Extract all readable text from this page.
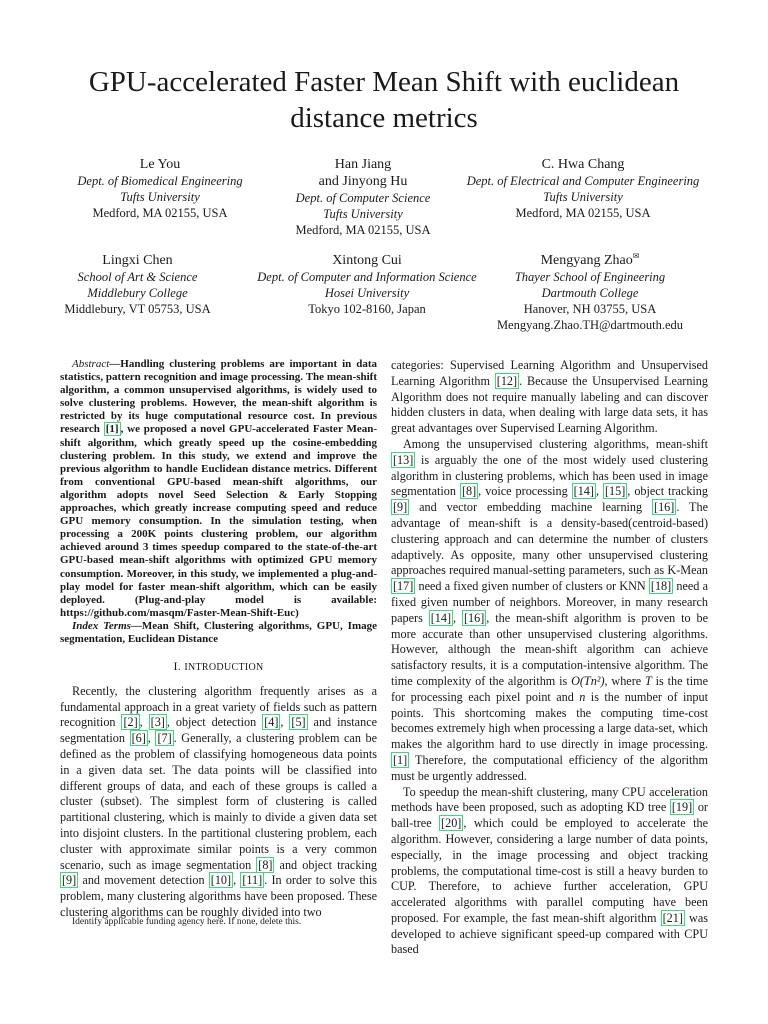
GPU-accelerated Faster Mean Shift with euclidean distance metrics
Le You
Dept. of Biomedical Engineering
Tufts University
Medford, MA 02155, USA
Han Jiang
and Jinyong Hu
Dept. of Computer Science
Tufts University
Medford, MA 02155, USA
C. Hwa Chang
Dept. of Electrical and Computer Engineering
Tufts University
Medford, MA 02155, USA
Lingxi Chen
School of Art & Science
Middlebury College
Middlebury, VT 05753, USA
Xintong Cui
Dept. of Computer and Information Science
Hosei University
Tokyo 102-8160, Japan
Mengyang Zhao✉
Thayer School of Engineering
Dartmouth College
Hanover, NH 03755, USA
Mengyang.Zhao.TH@dartmouth.edu

Abstract—Handling clustering problems are important in data statistics, pattern recognition and image processing. The mean-shift algorithm, a common unsupervised algorithms, is widely used to solve clustering problems. However, the mean-shift algorithm is restricted by its huge computational resource cost. In previous research [1] , we proposed a novel GPU-accelerated Faster Mean-shift algorithm, which greatly speed up the cosine-embedding clustering problem. In this study, we extend and improve the previous algorithm to handle Euclidean distance metrics. Different from conventional GPU-based mean-shift algorithms, our algorithm adopts novel Seed Selection & Early Stopping approaches, which greatly increase computing speed and reduce GPU memory consumption. In the simulation testing, when processing a 200K points clustering problem, our algorithm achieved around 3 times speedup compared to the state-of-the-art GPU-based mean-shift algorithms with optimized GPU memory consumption. Moreover, in this study, we implemented a plug-and-play model for faster mean-shift algorithm, which can be easily deployed. (Plug-and-play model is available: https://github.com/masqm/Faster-Mean-Shift-Euc)

Index Terms—Mean Shift, Clustering algorithms, GPU, Image segmentation, Euclidean Distance

I. INTRODUCTION

Recently, the clustering algorithm frequently arises as a fundamental approach in a great variety of fields such as pattern recognition [2] , [3] , object detection [4] , [5] and instance segmentation [6] , [7] . Generally, a clustering problem can be defined as the problem of classifying homogeneous data points in a given data set. The data points will be classified into different groups of data, and each of these groups is called a cluster (subset). The simplest form of clustering is called partitional clustering, which is mainly to divide a given data set into disjoint clusters. In the partitional clustering problem, each cluster with approximate similar points is a very common scenario, such as image segmentation [8] and object tracking [9] and movement detection [10] , [11] . In order to solve this problem, many clustering algorithms have been proposed. These clustering algorithms can be roughly divided into two

Identify applicable funding agency here. If none, delete this.

categories: Supervised Learning Algorithm and Unsupervised Learning Algorithm [12] . Because the Unsupervised Learning Algorithm does not require manually labeling and can discover hidden clusters in data, when dealing with large data sets, it has great advantages over Supervised Learning Algorithm.

Among the unsupervised clustering algorithms, mean-shift [13] is arguably the one of the most widely used clustering algorithm in clustering problems, which has been used in image segmentation [8] , voice processing [14] , [15] , object tracking [9] and vector embedding machine learning [16] . The advantage of mean-shift is a density-based(centroid-based) clustering approach and can determine the number of clusters adaptively. As opposite, many other unsupervised clustering approaches required manual-setting parameters, such as K-Mean [17] need a fixed given number of clusters or KNN [18] need a fixed given number of neighbors. Moreover, in many research papers [14] , [16] , the mean-shift algorithm is proven to be more accurate than other unsupervised clustering algorithms. However, although the mean-shift algorithm can achieve satisfactory results, it is a computation-intensive algorithm. The time complexity of the algorithm is O(Tn²), where T is the time for processing each pixel point and n is the number of input points. This shortcoming makes the computing time-cost becomes extremely high when processing a large data-set, which makes the algorithm hard to use directly in image processing. [1] Therefore, the computational efficiency of the algorithm must be urgently addressed.

To speedup the mean-shift clustering, many CPU acceleration methods have been proposed, such as adopting KD tree [19] or ball-tree [20] , which could be employed to accelerate the algorithm. However, considering a large number of data points, especially, in the image processing and object tracking problems, the computational time-cost is still a heavy burden to CUP. Therefore, to achieve further acceleration, GPU accelerated algorithms with parallel computing have been proposed. For example, the fast mean-shift algorithm [21] was developed to achieve significant speed-up compared with CPU based
